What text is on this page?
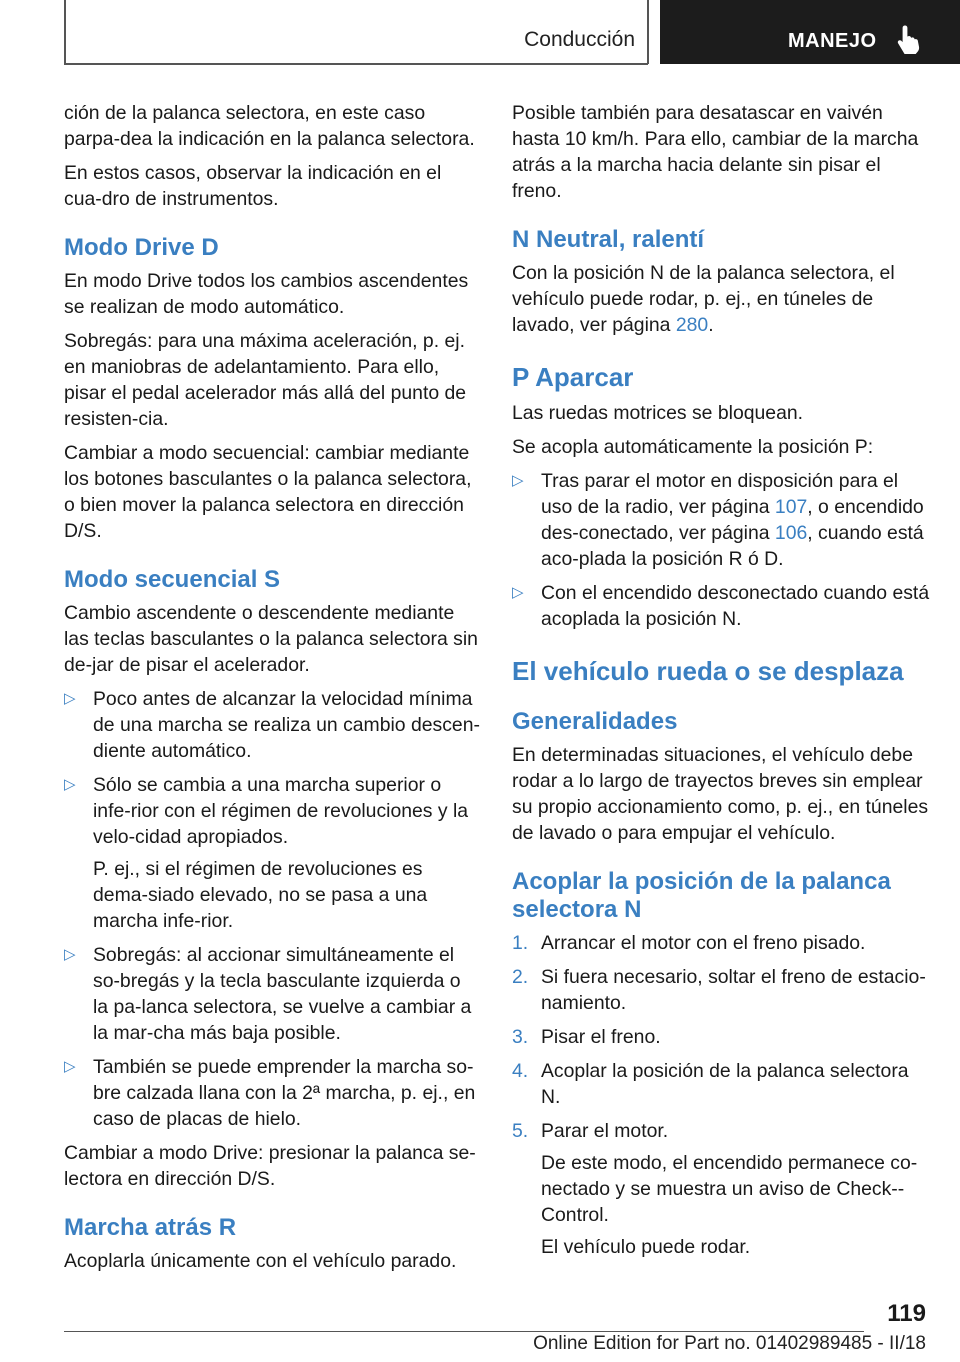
Conducción	MANEJO

ción de la palanca selectora, en este caso parpa-dea la indicación en la palanca selectora.

En estos casos, observar la indicación en el cua-dro de instrumentos.

Modo Drive D

En modo Drive todos los cambios ascendentes se realizan de modo automático.

Sobregás: para una máxima aceleración, p. ej. en maniobras de adelantamiento. Para ello, pisar el pedal acelerador más allá del punto de resisten-cia.

Cambiar a modo secuencial: cambiar mediante los botones basculantes o la palanca selectora, o bien mover la palanca selectora en dirección D/S.

Modo secuencial S

Cambio ascendente o descendente mediante las teclas basculantes o la palanca selectora sin de-jar de pisar el acelerador.

▷ Poco antes de alcanzar la velocidad mínima de una marcha se realiza un cambio descen-diente automático.
▷ Sólo se cambia a una marcha superior o infe-rior con el régimen de revoluciones y la velo-cidad apropiados.

P. ej., si el régimen de revoluciones es dema-siado elevado, no se pasa a una marcha infe-rior.

▷ Sobregás: al accionar simultáneamente el so-bregás y la tecla basculante izquierda o la pa-lanca selectora, se vuelve a cambiar a la mar-cha más baja posible.
▷ También se puede emprender la marcha so-bre calzada llana con la 2ª marcha, p. ej., en caso de placas de hielo.

Cambiar a modo Drive: presionar la palanca se-lectora en dirección D/S.

Marcha atrás R

Acoplarla únicamente con el vehículo parado.

Posible también para desatascar en vaivén hasta 10 km/h. Para ello, cambiar de la marcha atrás a la marcha hacia delante sin pisar el freno.

N Neutral, ralentí

Con la posición N de la palanca selectora, el vehículo puede rodar, p. ej., en túneles de lavado, ver página 280.

P Aparcar

Las ruedas motrices se bloquean.

Se acopla automáticamente la posición P:

▷ Tras parar el motor en disposición para el uso de la radio, ver página 107, o encendido des-conectado, ver página 106, cuando está aco-plada la posición R ó D.
▷ Con el encendido desconectado cuando está acoplada la posición N.
El vehículo rueda o se desplaza
Generalidades

En determinadas situaciones, el vehículo debe rodar a lo largo de trayectos breves sin emplear su propio accionamiento como, p. ej., en túneles de lavado o para empujar el vehículo.

Acoplar la posición de la palanca selectora N
1. Arrancar el motor con el freno pisado.
2. Si fuera necesario, soltar el freno de estacio-namiento.
3. Pisar el freno.
4. Acoplar la posición de la palanca selectora N.
5. Parar el motor.

De este modo, el encendido permanece co-nectado y se muestra un aviso de Check--Control.

El vehículo puede rodar.

119
Online Edition for Part no. 01402989485 - II/18
